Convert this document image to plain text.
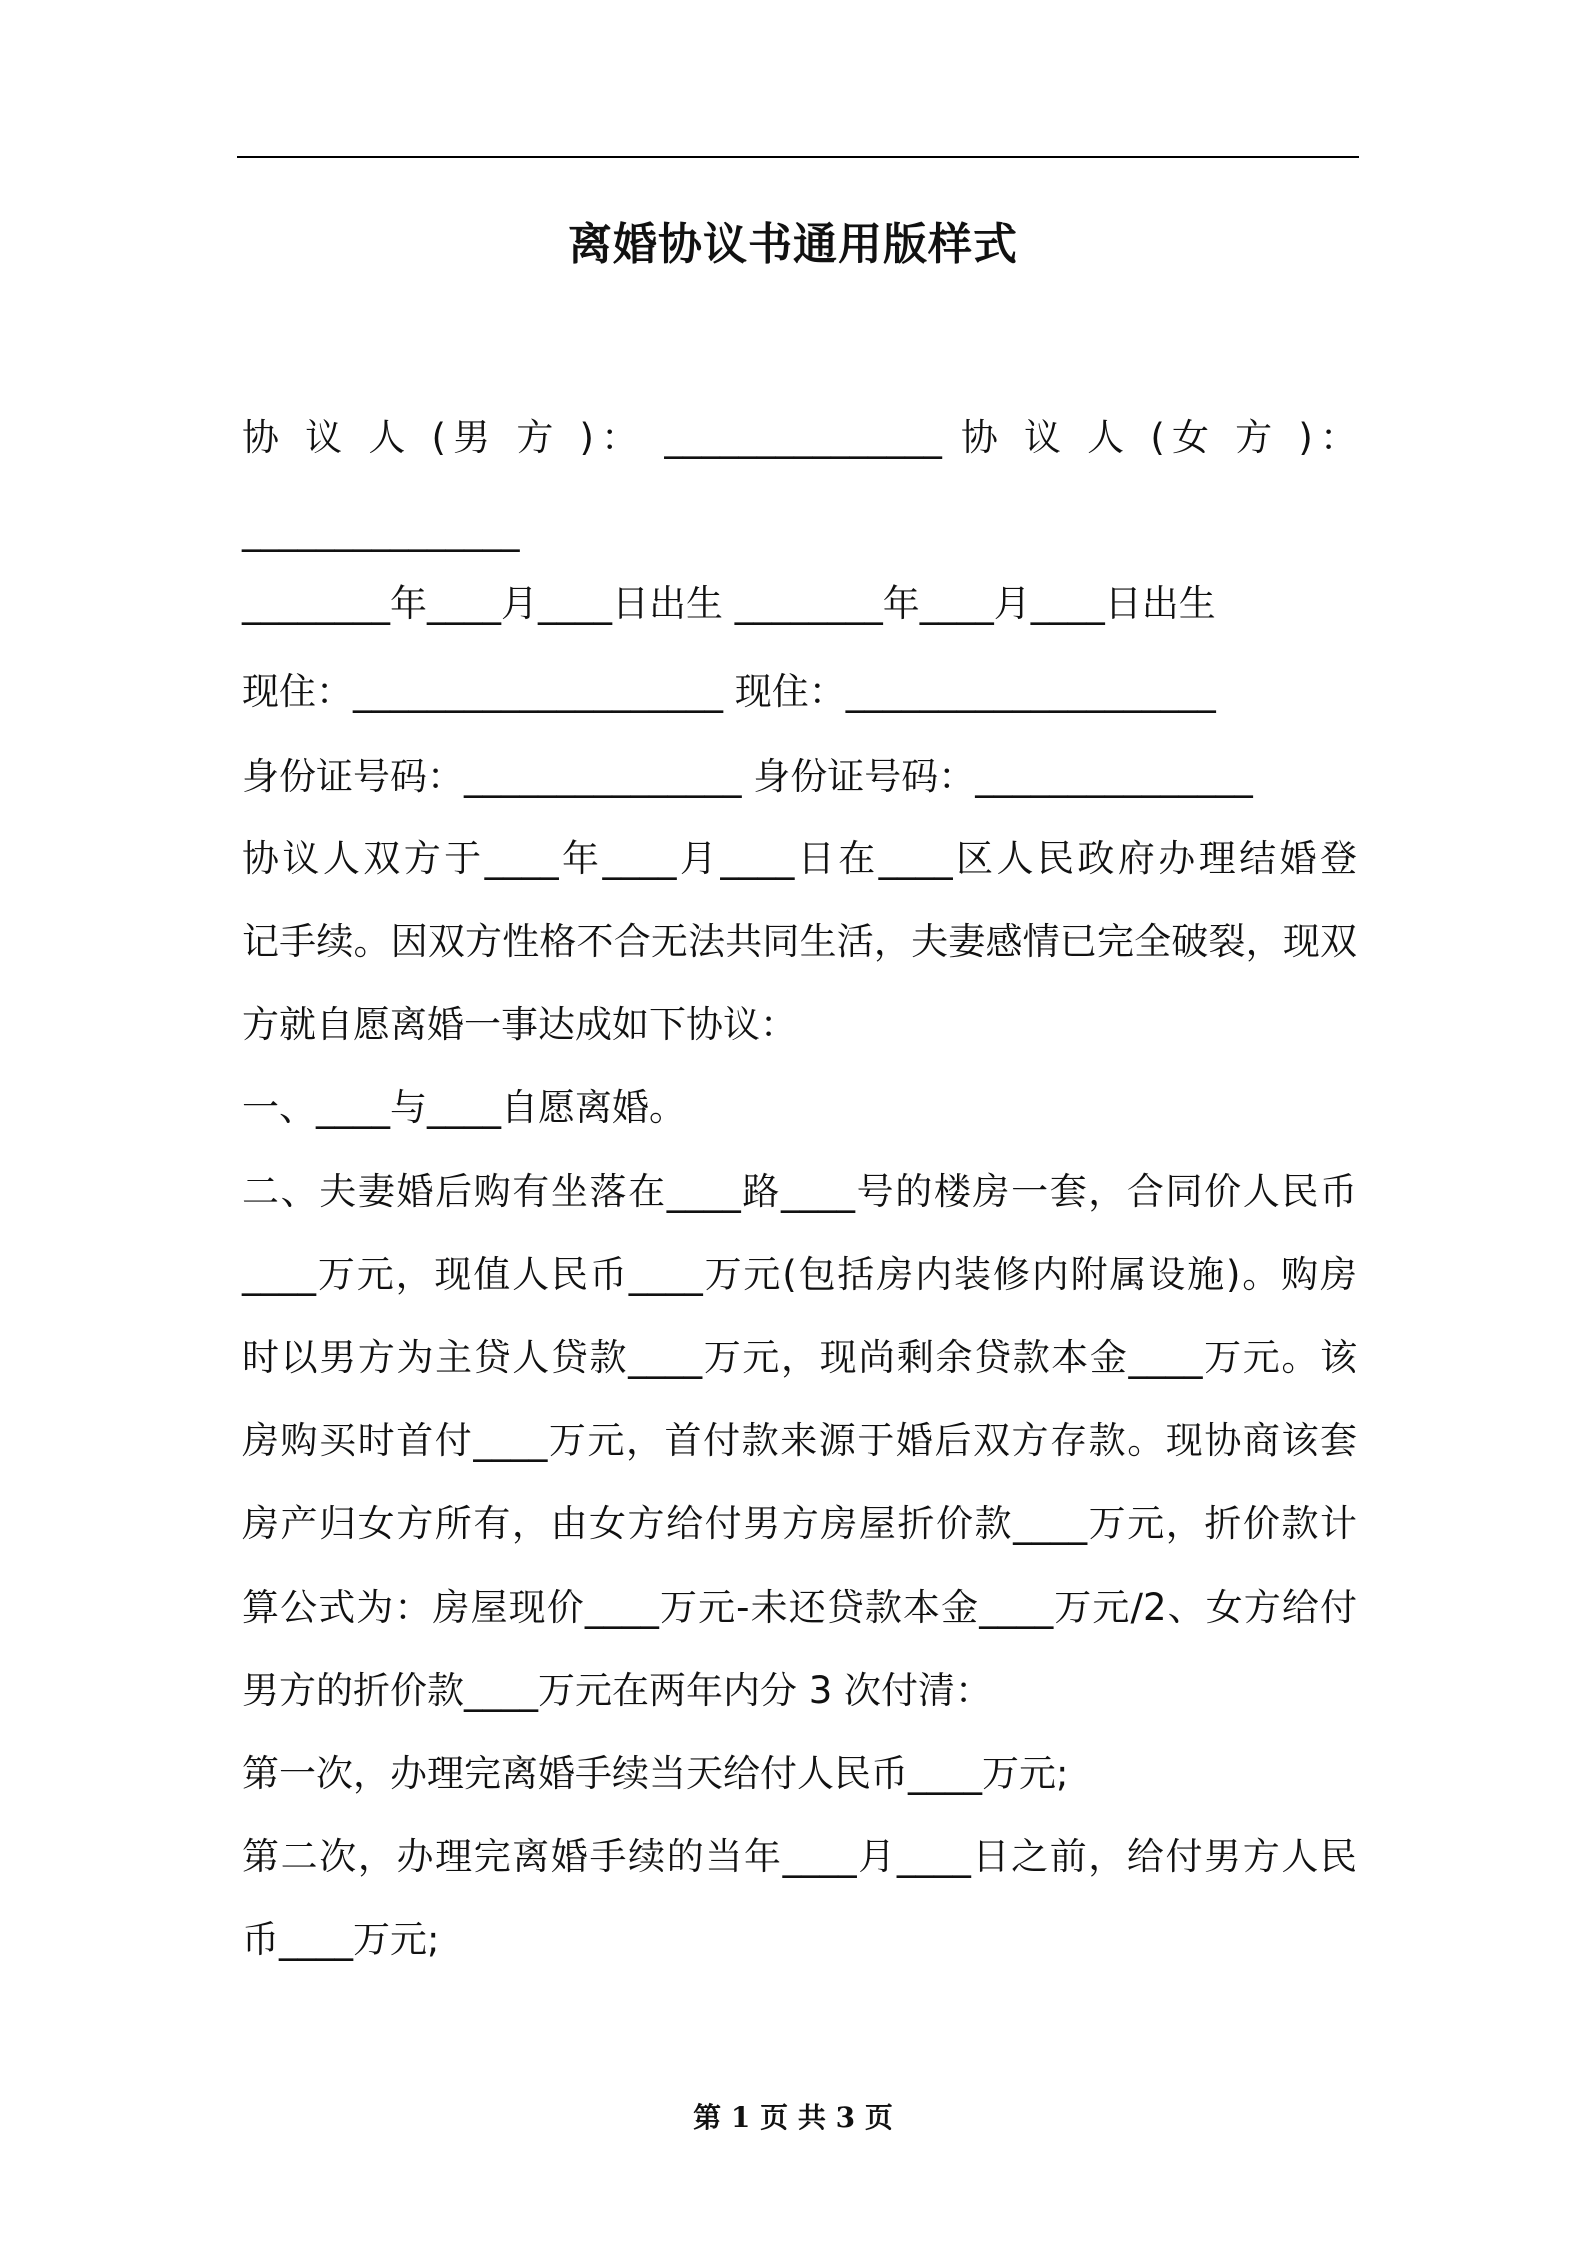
离婚协议书通用版样式
协 议 人 (男 方 )： _______________ 协 议 人 (女 方 )：
_______________
________年____月____日出生 ________年____月____日出生
现住：____________________ 现住：____________________
身份证号码：_______________ 身份证号码：_______________
协议人双方于____年____月____日在____区人民政府办理结婚登
记手续。因双方性格不合无法共同生活，夫妻感情已完全破裂，现双
方就自愿离婚一事达成如下协议：
一、____与____自愿离婚。
二、夫妻婚后购有坐落在____路____号的楼房一套，合同价人民币
____万元，现值人民币____万元(包括房内装修内附属设施)。购房
时以男方为主贷人贷款____万元，现尚剩余贷款本金____万元。该
房购买时首付____万元，首付款来源于婚后双方存款。现协商该套
房产归女方所有，由女方给付男方房屋折价款____万元，折价款计
算公式为：房屋现价____万元-未还贷款本金____万元/2、女方给付
男方的折价款____万元在两年内分 3 次付清：
第一次，办理完离婚手续当天给付人民币____万元;
第二次，办理完离婚手续的当年____月____日之前，给付男方人民
币____万元;
第 1 页 共 3 页
